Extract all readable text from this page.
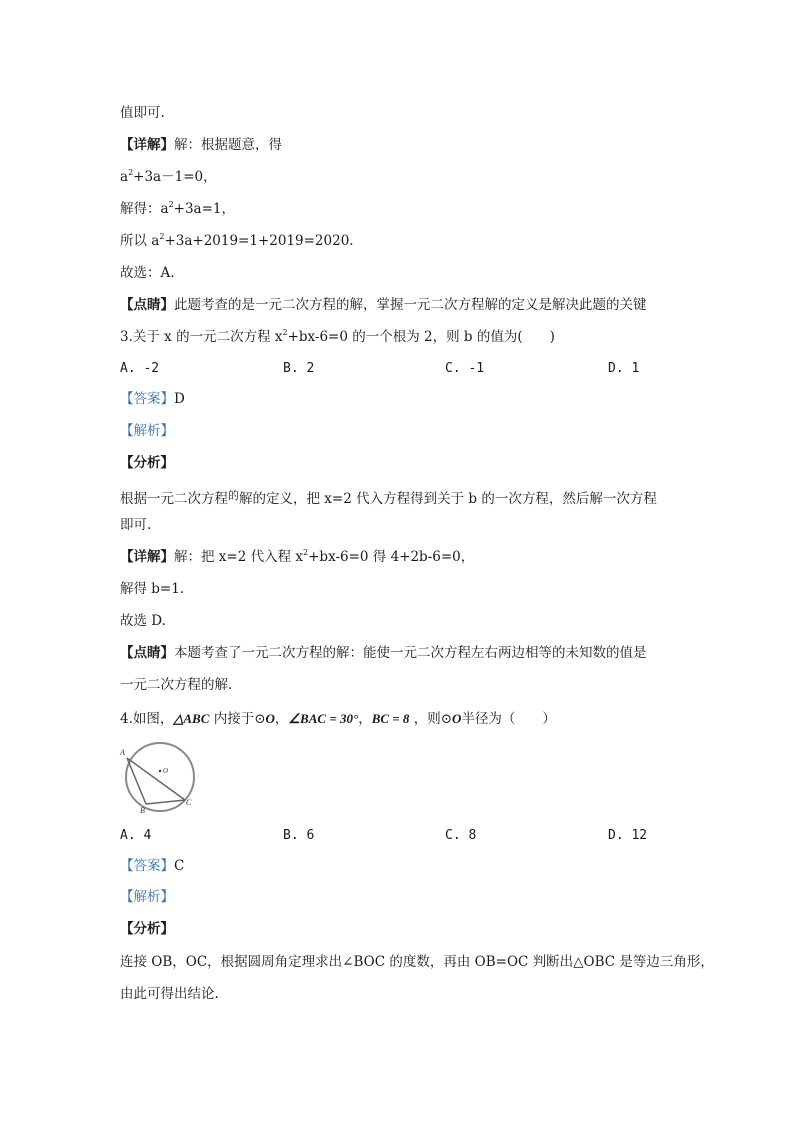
值即可.
【详解】解：根据题意，得
$a^2+3a-1=0$，
解得：$a^2+3a=1$，
所以 $a^2+3a+2019=1+2019=2020$.
故选：A.
【点睛】此题考查的是一元二次方程的解，掌握一元二次方程解的定义是解决此题的关键
3.关于 x 的一元二次方程 $x^2+bx-6=0$ 的一个根为 2，则 b 的值为(　　)
A. -2	B. 2	C. -1	D. 1
【答案】D
【解析】
【分析】
根据一元二次方程$^的$解的定义，把 x=2 代入方程得到关于 b 的一次方程，然后解一次方程
即可.
【详解】解：把 x=2 代入程 $x^2+bx-6=0$ 得 4+2b-6=0，
解得 b=1.
故选 D.
【点睛】本题考查了一元二次方程的解：能使一元二次方程左右两边相等的未知数的值是
一元二次方程的解.
4.如图，△ABC 内接于⊙O，∠BAC = 30°，BC = 8 ，则⊙O半径为（　　）
A
O
B
C
A. 4	B. 6	C. 8	D. 12
【答案】C
【解析】
【分析】
连接 OB，OC，根据圆周角定理求出∠BOC 的度数，再由 OB=OC 判断出△OBC 是等边三角形，
由此可得出结论.
